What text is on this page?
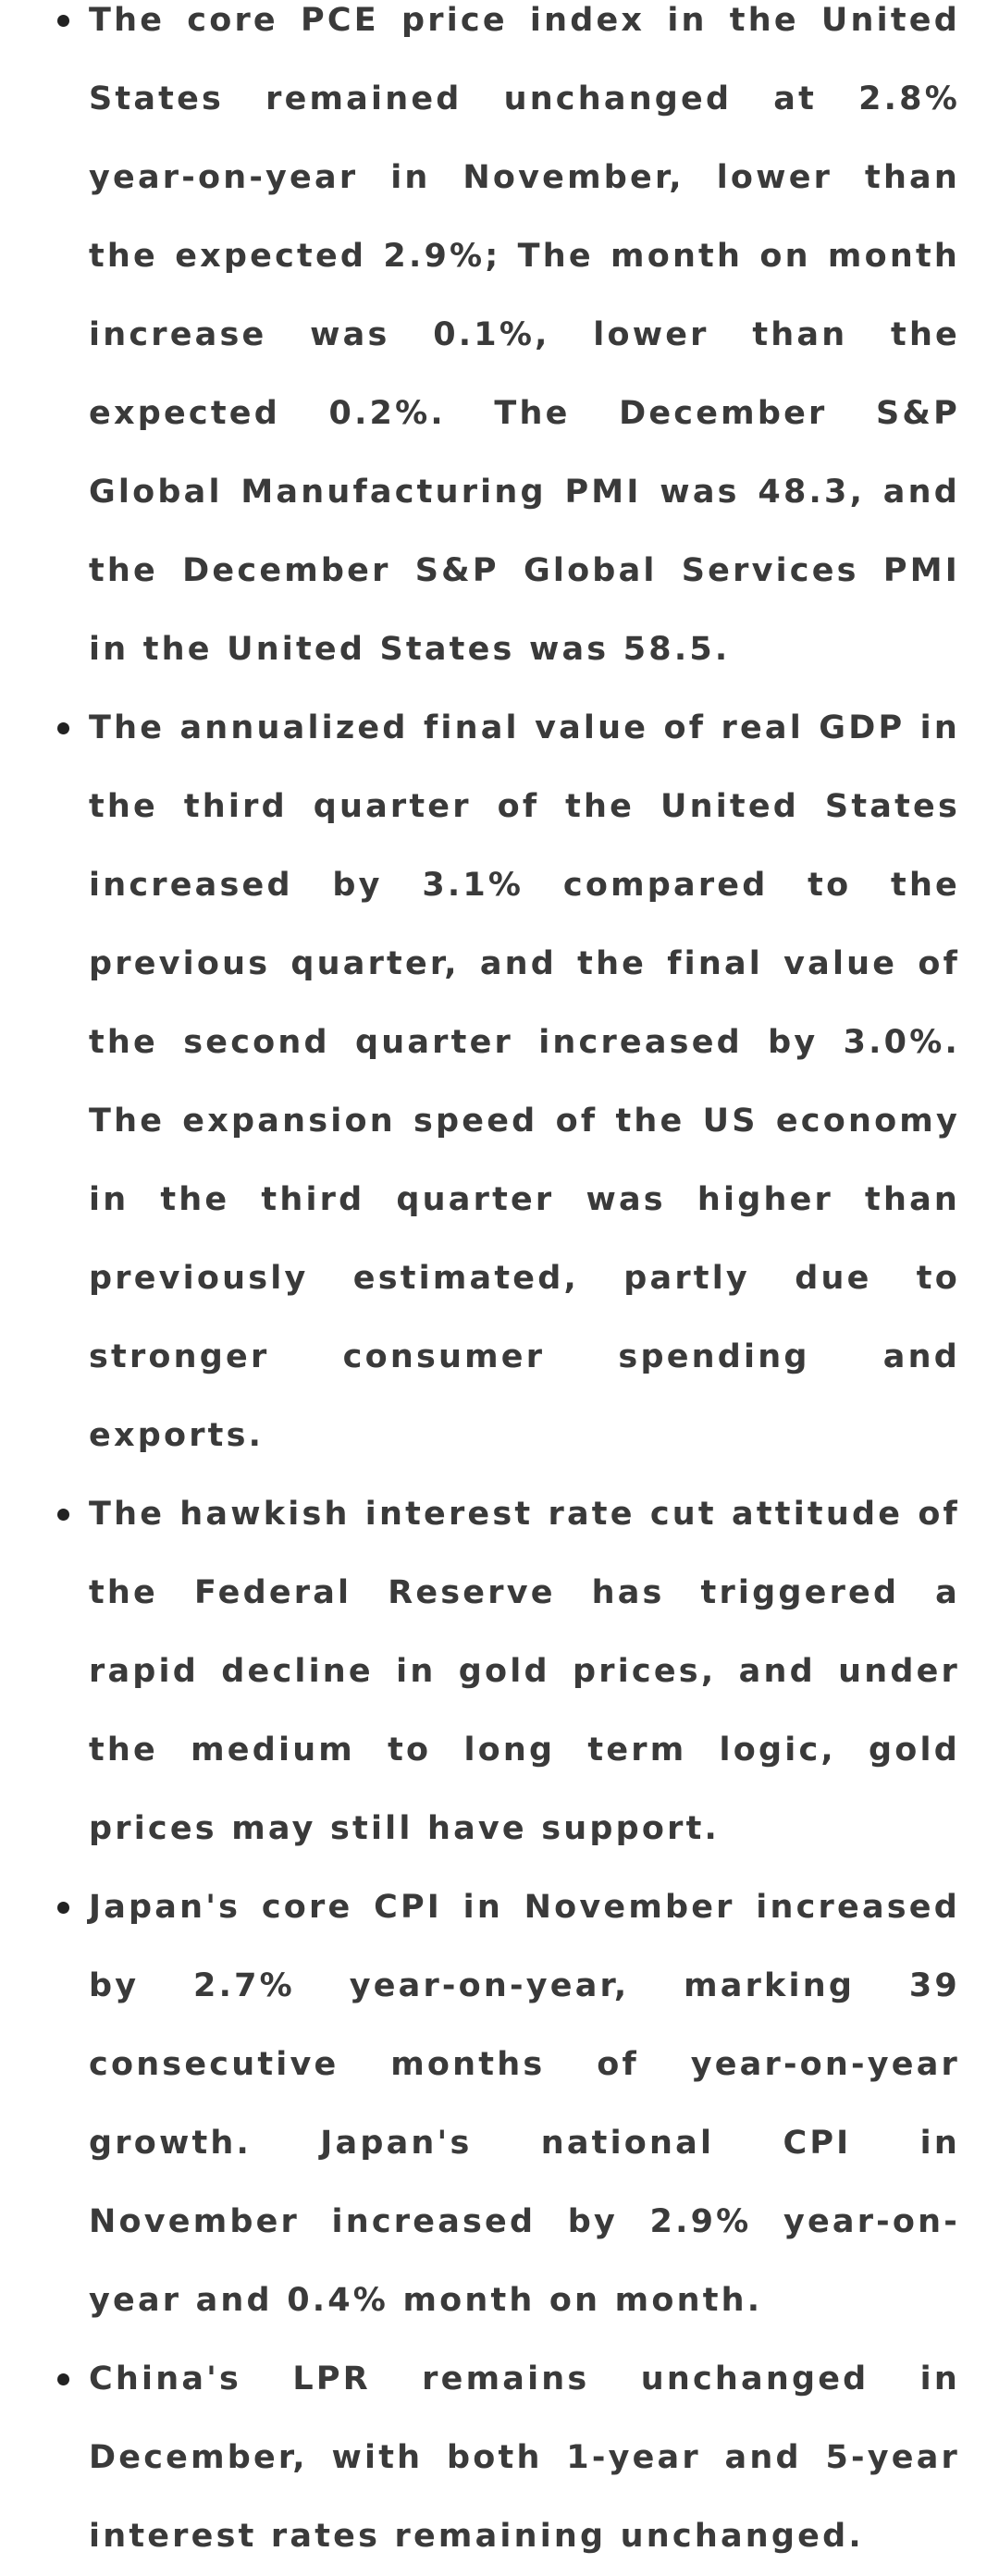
The core PCE price index in the United States remained unchanged at 2.8% year-on-year in November, lower than the expected 2.9%; The month on month increase was 0.1%, lower than the expected 0.2%. The December S&P Global Manufacturing PMI was 48.3, and the December S&P Global Services PMI in the United States was 58.5.
The annualized final value of real GDP in the third quarter of the United States increased by 3.1% compared to the previous quarter, and the final value of the second quarter increased by 3.0%. The expansion speed of the US economy in the third quarter was higher than previously estimated, partly due to stronger consumer spending and exports.
The hawkish interest rate cut attitude of the Federal Reserve has triggered a rapid decline in gold prices, and under the medium to long term logic, gold prices may still have support.
Japan's core CPI in November increased by 2.7% year-on-year, marking 39 consecutive months of year-on-year growth. Japan's national CPI in November increased by 2.9% year-on-year and 0.4% month on month.
China's LPR remains unchanged in December, with both 1-year and 5-year interest rates remaining unchanged.
